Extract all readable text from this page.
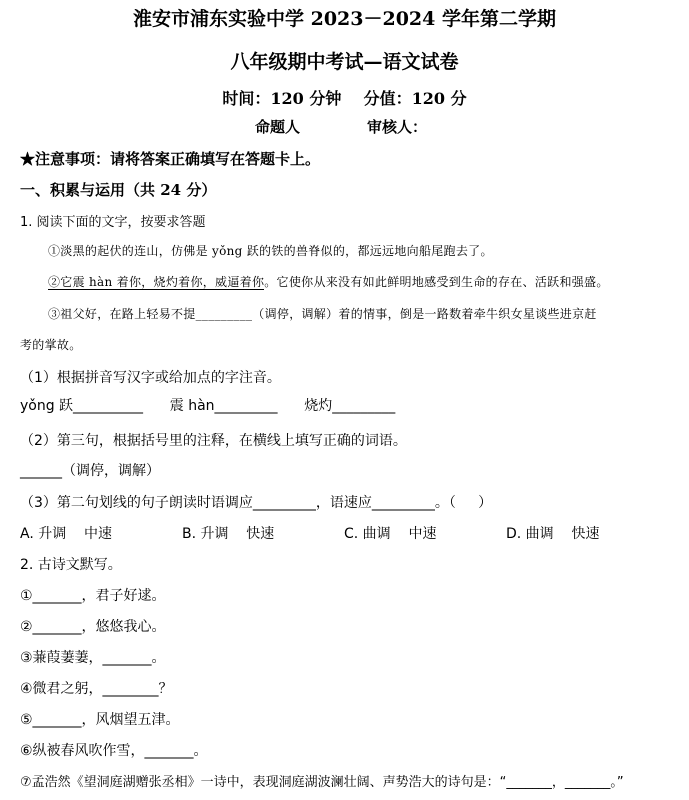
淮安市浦东实验中学 2023－2024 学年第二学期
八年级期中考试—语文试卷
时间：120 分钟    分值：120 分
命题人	审核人：
★注意事项：请将答案正确填写在答题卡上。
一、积累与运用（共 24 分）
1. 阅读下面的文字，按要求答题
①淡黑的起伏的连山，仿佛是 yǒng 跃的铁的兽脊似的，都远远地向船尾跑去了。
②它震 hàn 着你，烧灼着你，威逼着你。它使你从来没有如此鲜明地感受到生命的存在、活跃和强盛。
③祖父好，在路上轻易不提_________（调停，调解）着的情事，倒是一路数着牵牛织女星谈些进京赶
考的掌故。
（1）根据拼音写汉字或给加点的字注音。
yǒng 跃__________      震 hàn_________      烧灼_________
（2）第三句，根据括号里的注释，在横线上填写正确的词语。
______（调停，调解）
（3）第二句划线的句子朗读时语调应_________，语速应_________。（     ）
A. 升调    中速	B. 升调    快速	C. 曲调    中速	D. 曲调    快速
2. 古诗文默写。
①_______，君子好逑。
②_______，悠悠我心。
③蒹葭萋萋，_______。
④微君之躬，________？
⑤_______，风烟望五津。
⑥纵被春风吹作雪，_______。
⑦孟浩然《望洞庭湖赠张丞相》一诗中，表现洞庭湖波澜壮阔、声势浩大的诗句是：“_______，_______。”
